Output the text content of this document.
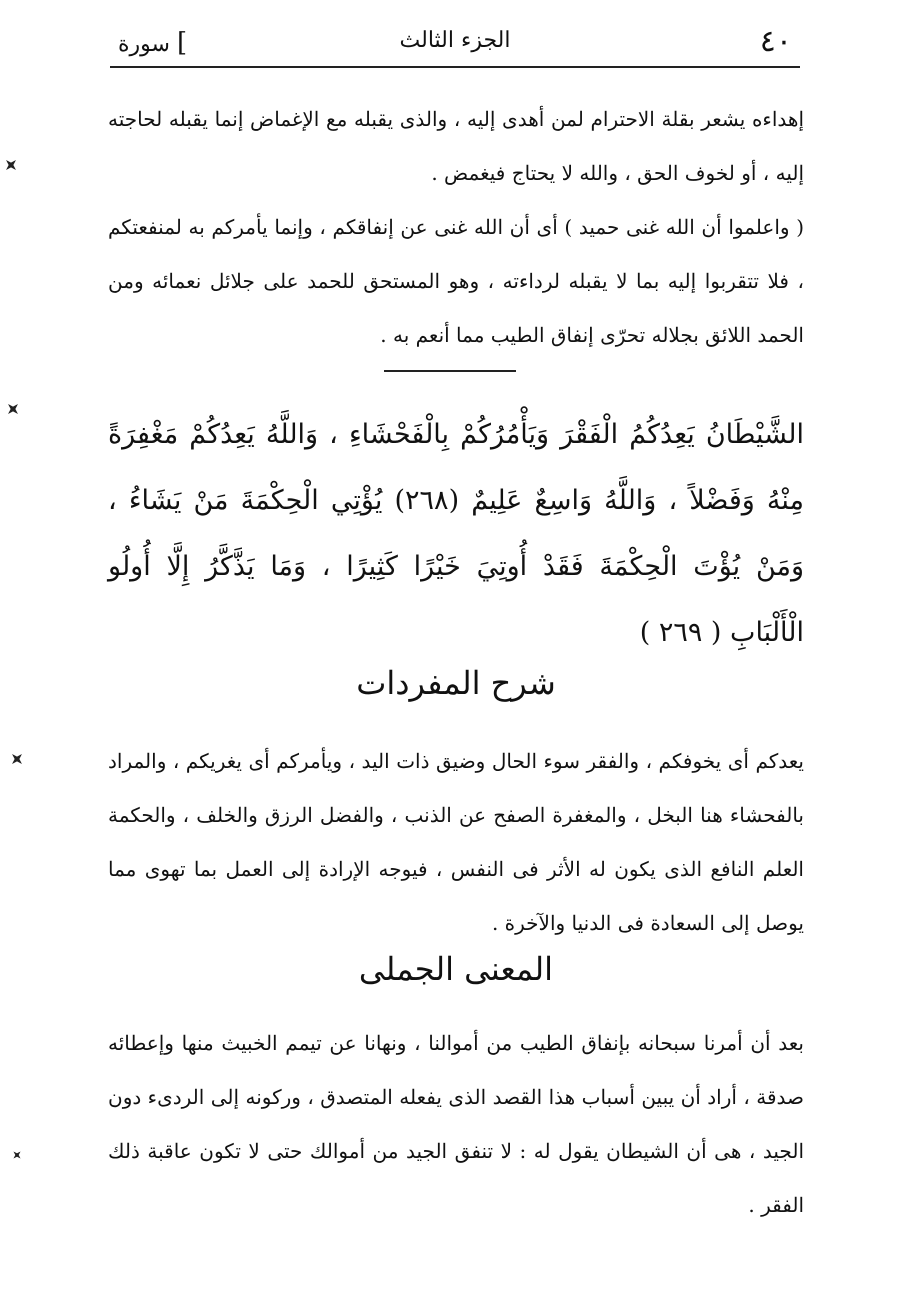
٤٠
الجزء الثالث
سورة [

إهداءه يشعر بقلة الاحترام لمن أهدى إليه ، والذى يقبله مع الإغماض إنما يقبله لحاجته إليه ، أو لخوف الحق ، والله لا يحتاج فيغمض .

( واعلموا أن الله غنى حميد ) أى أن الله غنى عن إنفاقكم ، وإنما يأمركم به لمنفعتكم ، فلا تتقربوا إليه بما لا يقبله لرداءته ، وهو المستحق للحمد على جلائل نعمائه ومن الحمد اللائق بجلاله تحرّى إنفاق الطيب مما أنعم به .

الشَّيْطَانُ يَعِدُكُمُ الْفَقْرَ وَيَأْمُرُكُمْ بِالْفَحْشَاءِ ، وَاللَّهُ يَعِدُكُمْ مَغْفِرَةً مِنْهُ وَفَضْلاً ، وَاللَّهُ وَاسِعٌ عَلِيمٌ (٢٦٨) يُؤْتِي الْحِكْمَةَ مَنْ يَشَاءُ ، وَمَنْ يُؤْتَ الْحِكْمَةَ فَقَدْ أُوتِيَ خَيْرًا كَثِيرًا ، وَمَا يَذَّكَّرُ إِلَّا أُولُو الْأَلْبَابِ ( ٢٦٩ )

شرح المفردات

يعدكم أى يخوفكم ، والفقر سوء الحال وضيق ذات اليد ، ويأمركم أى يغريكم ، والمراد بالفحشاء هنا البخل ، والمغفرة الصفح عن الذنب ، والفضل الرزق والخلف ، والحكمة العلم النافع الذى يكون له الأثر فى النفس ، فيوجه الإرادة إلى العمل بما تهوى مما يوصل إلى السعادة فى الدنيا والآخرة .

المعنى الجملى

بعد أن أمرنا سبحانه بإنفاق الطيب من أموالنا ، ونهانا عن تيمم الخبيث منها وإعطائه صدقة ، أراد أن يبين أسباب هذا القصد الذى يفعله المتصدق ، وركونه إلى الردىء دون الجيد ، هى أن الشيطان يقول له : لا تنفق الجيد من أموالك حتى لا تكون عاقبة ذلك الفقر .
